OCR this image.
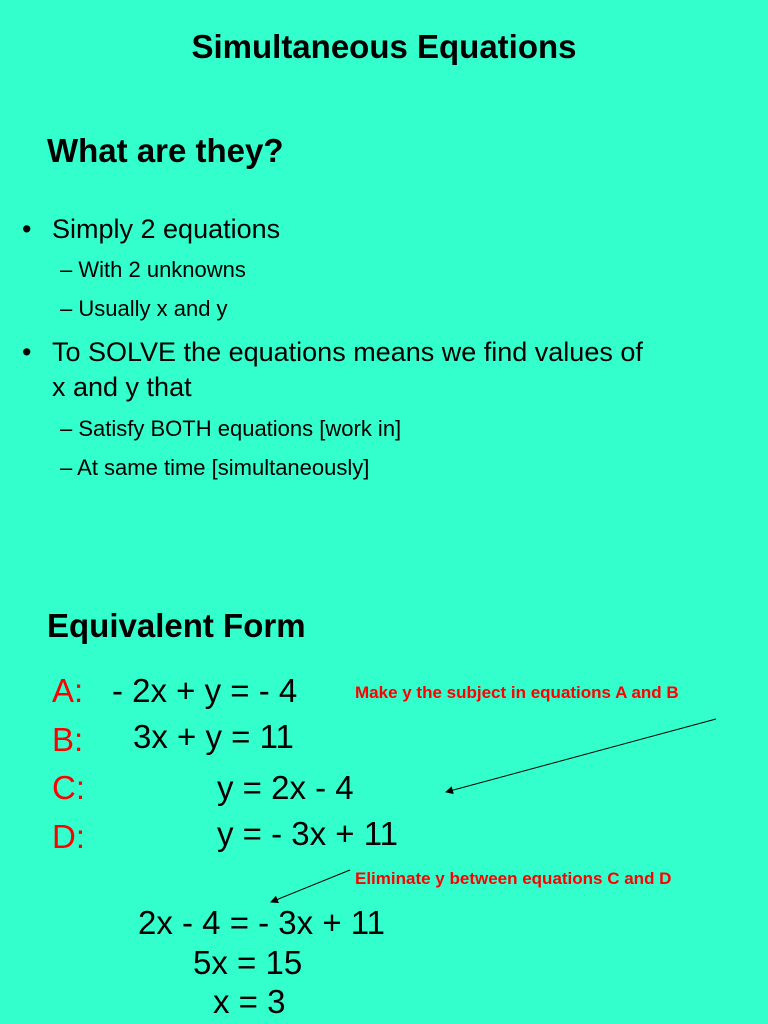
Simultaneous Equations
What are they?
• Simply 2 equations
– With 2 unknowns
– Usually x and y
• To SOLVE the equations means we find values of
x and y that
– Satisfy BOTH equations [work in]
– At same time [simultaneously]
Equivalent Form
A: - 2x + y = - 4
B: 3x + y = 11
C:	y = 2x - 4
D:	y = - 3x + 11
Make y the subject in equations A and B
Eliminate y between equations C and D
2x - 4 = - 3x + 11
5x = 15
x = 3
